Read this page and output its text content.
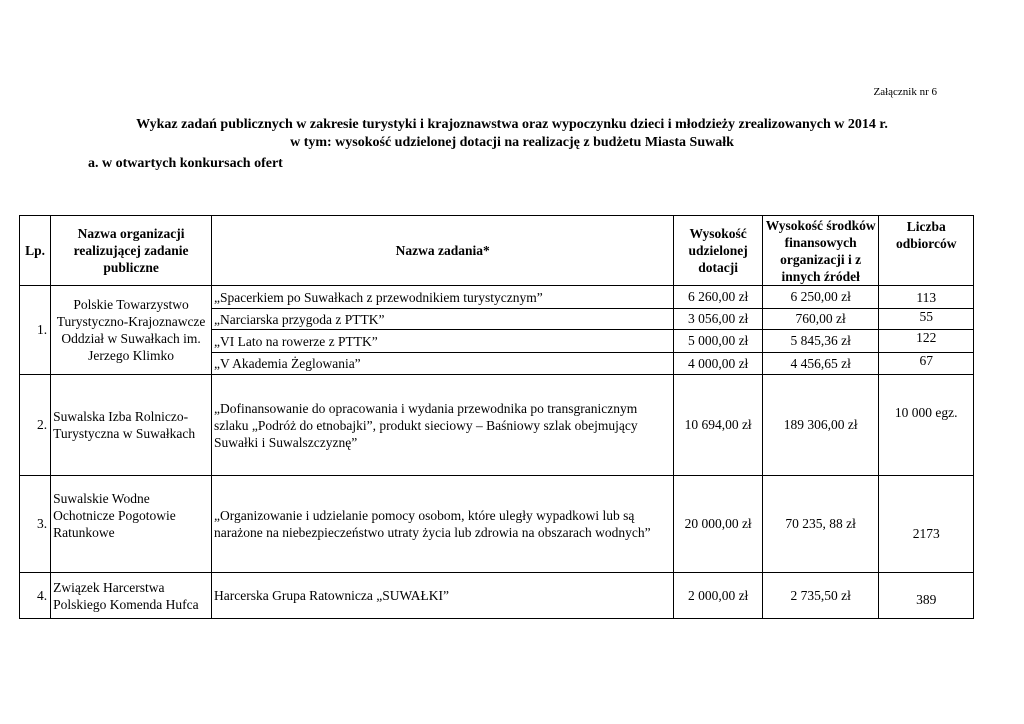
Załącznik nr 6
Wykaz zadań publicznych w zakresie turystyki i krajoznawstwa oraz wypoczynku dzieci i młodzieży zrealizowanych w 2014 r.
w tym: wysokość udzielonej dotacji na realizację z budżetu Miasta Suwałk
a. w otwartych konkursach ofert
Lp.	Nazwa organizacji realizującej zadanie publiczne	Nazwa zadania*	Wysokość udzielonej dotacji	Wysokość środków finansowych organizacji i z innych źródeł	Liczba odbiorców
1.	Polskie Towarzystwo Turystyczno-Krajoznawcze Oddział w Suwałkach im. Jerzego Klimko	„Spacerkiem po Suwałkach z przewodnikiem turystycznym”	6 260,00 zł	6 250,00 zł	113
		„Narciarska przygoda z PTTK”	3 056,00 zł	760,00 zł	55
		„VI Lato na rowerze z PTTK”	5 000,00 zł	5 845,36 zł	122
		„V Akademia Żeglowania”	4 000,00 zł	4 456,65 zł	67
2.	Suwalska Izba Rolniczo-Turystyczna w Suwałkach	„Dofinansowanie do opracowania i wydania przewodnika po transgranicznym szlaku „Podróż do etnobajki”, produkt sieciowy – Baśniowy szlak obejmujący Suwałki i Suwalszczyznę”	10 694,00 zł	189 306,00 zł	10 000 egz.
3.	Suwalskie Wodne Ochotnicze Pogotowie Ratunkowe	„Organizowanie i udzielanie pomocy osobom, które uległy wypadkowi lub są narażone na niebezpieczeństwo utraty życia lub zdrowia na obszarach wodnych”	20 000,00 zł	70 235, 88 zł	2173
4.	Związek Harcerstwa Polskiego Komenda Hufca	Harcerska Grupa Ratownicza „SUWAŁKI”	2 000,00 zł	2 735,50 zł	389
